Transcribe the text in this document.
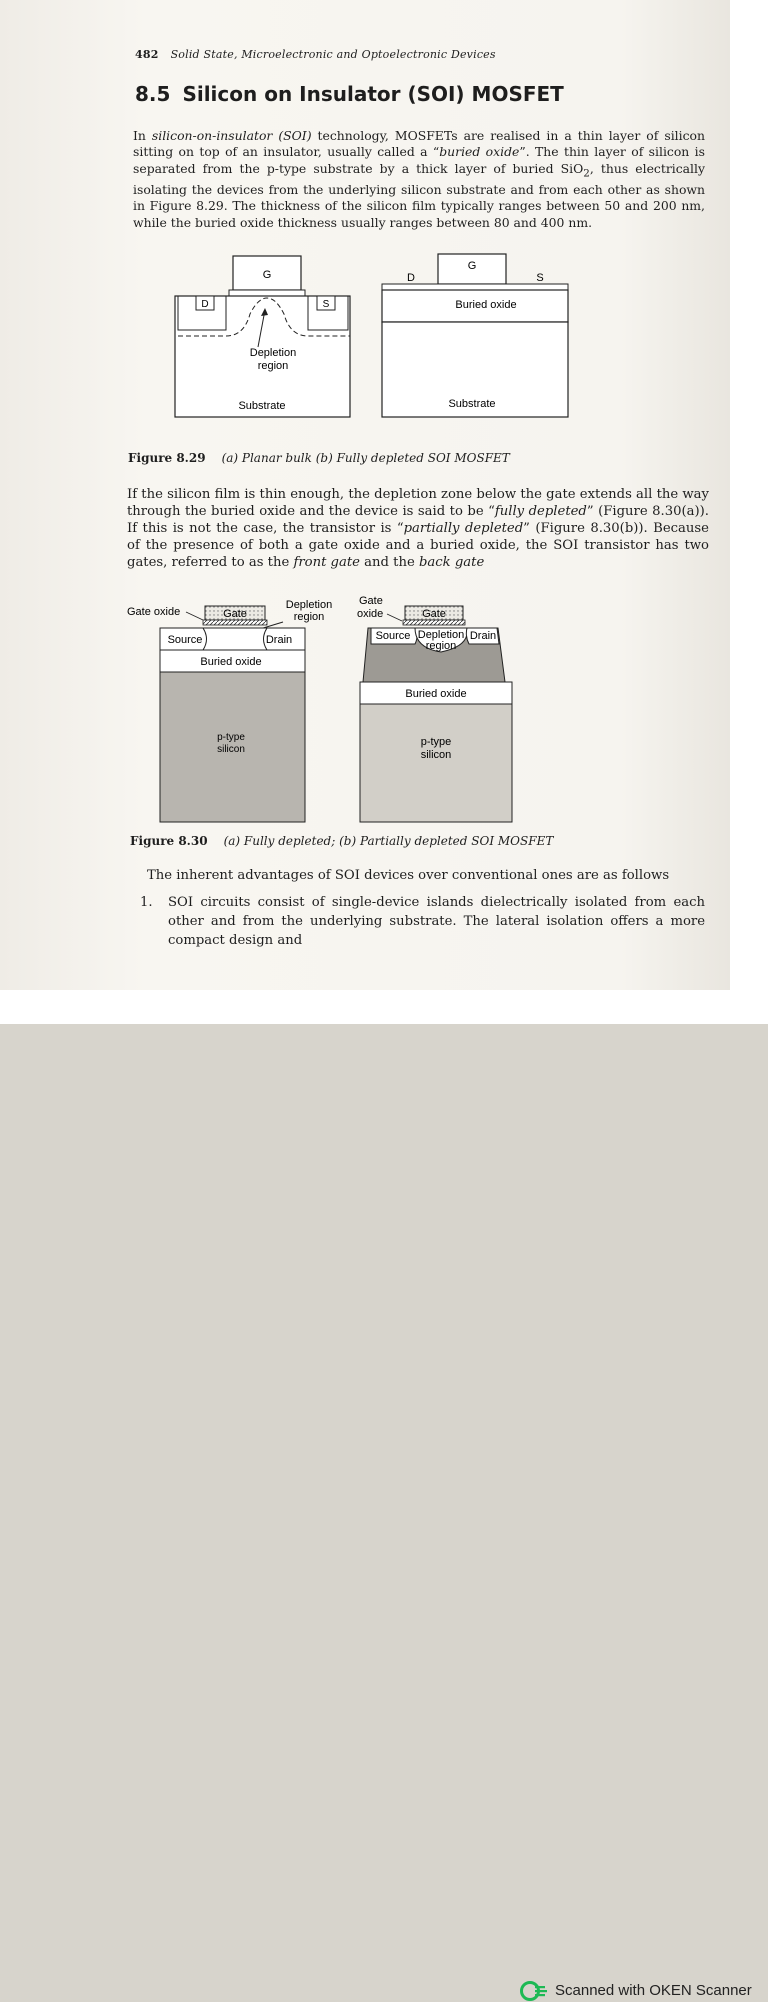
482 Solid State, Microelectronic and Optoelectronic Devices
8.5 Silicon on Insulator (SOI) MOSFET
In silicon-on-insulator (SOI) technology, MOSFETs are realised in a thin layer of silicon sitting on top of an insulator, usually called a “buried oxide”. The thin layer of silicon is separated from the p-type substrate by a thick layer of buried SiO$_2$, thus electrically isolating the devices from the underlying silicon substrate and from each other as shown in Figure 8.29. The thickness of the silicon film typically ranges between 50 and 200 nm, while the buried oxide thickness usually ranges between 80 and 400 nm.
G
D	S
Depletion
region
Substrate
G
D	S
Buried oxide
Substrate
Figure 8.29 (a) Planar bulk (b) Fully depleted SOI MOSFET
If the silicon film is thin enough, the depletion zone below the gate extends all the way through the buried oxide and the device is said to be “fully depleted” (Figure 8.30(a)). If this is not the case, the transistor is “partially depleted” (Figure 8.30(b)). Because of the presence of both a gate oxide and a buried oxide, the SOI transistor has two gates, referred to as the front gate and the back gate
Gate oxide	Gate
Depletion
region
Source	Drain
Buried oxide
p-type
silicon
Gate
oxide	Gate
Source Depletion
region
Drain
Buried oxide
p-type
silicon
Figure 8.30 (a) Fully depleted; (b) Partially depleted SOI MOSFET
The inherent advantages of SOI devices over conventional ones are as follows
1. SOI circuits consist of single-device islands dielectrically isolated from each other and from the underlying substrate. The lateral isolation offers a more compact design and
Scanned with OKEN Scanner
